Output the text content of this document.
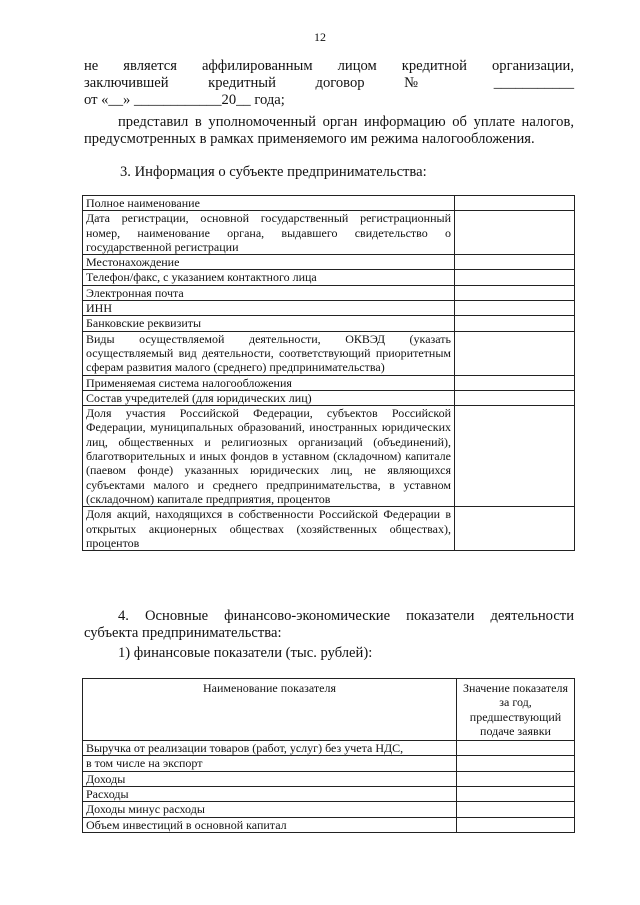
12
не является аффилированным лицом кредитной организации,
заключившей кредитный договор № ___________
от «__» ____________20__ года;

представил в уполномоченный орган информацию об уплате налогов, предусмотренных в рамках применяемого им режима налогообложения.

3. Информация о субъекте предпринимательства:
Полное наименование	
Дата регистрации, основной государственный регистрационный номер, наименование органа, выдавшего свидетельство о государственной регистрации	
Местонахождение	
Телефон/факс, с указанием контактного лица	
Электронная почта	
ИНН	
Банковские реквизиты	
Виды осуществляемой деятельности, ОКВЭД (указать осуществляемый вид деятельности, соответствующий приоритетным сферам развития малого (среднего) предпринимательства)	
Применяемая система налогообложения	
Состав учредителей (для юридических лиц)	
Доля участия Российской Федерации, субъектов Российской Федерации, муниципальных образований, иностранных юридических лиц, общественных и религиозных организаций (объединений), благотворительных и иных фондов в уставном (складочном) капитале (паевом фонде) указанных юридических лиц, не являющихся субъектами малого и среднего предпринимательства, в уставном (складочном) капитале предприятия, процентов	
Доля акций, находящихся в собственности Российской Федерации в открытых акционерных обществах (хозяйственных обществах), процентов	
4. Основные финансово-экономические показатели деятельности субъекта предпринимательства:
1) финансовые показатели (тыс. рублей):
Наименование показателя	Значение показателя за год, предшествующий подаче заявки
Выручка от реализации товаров (работ, услуг) без учета НДС,	
в том числе на экспорт	
Доходы	
Расходы	
Доходы минус расходы	
Объем инвестиций в основной капитал	
